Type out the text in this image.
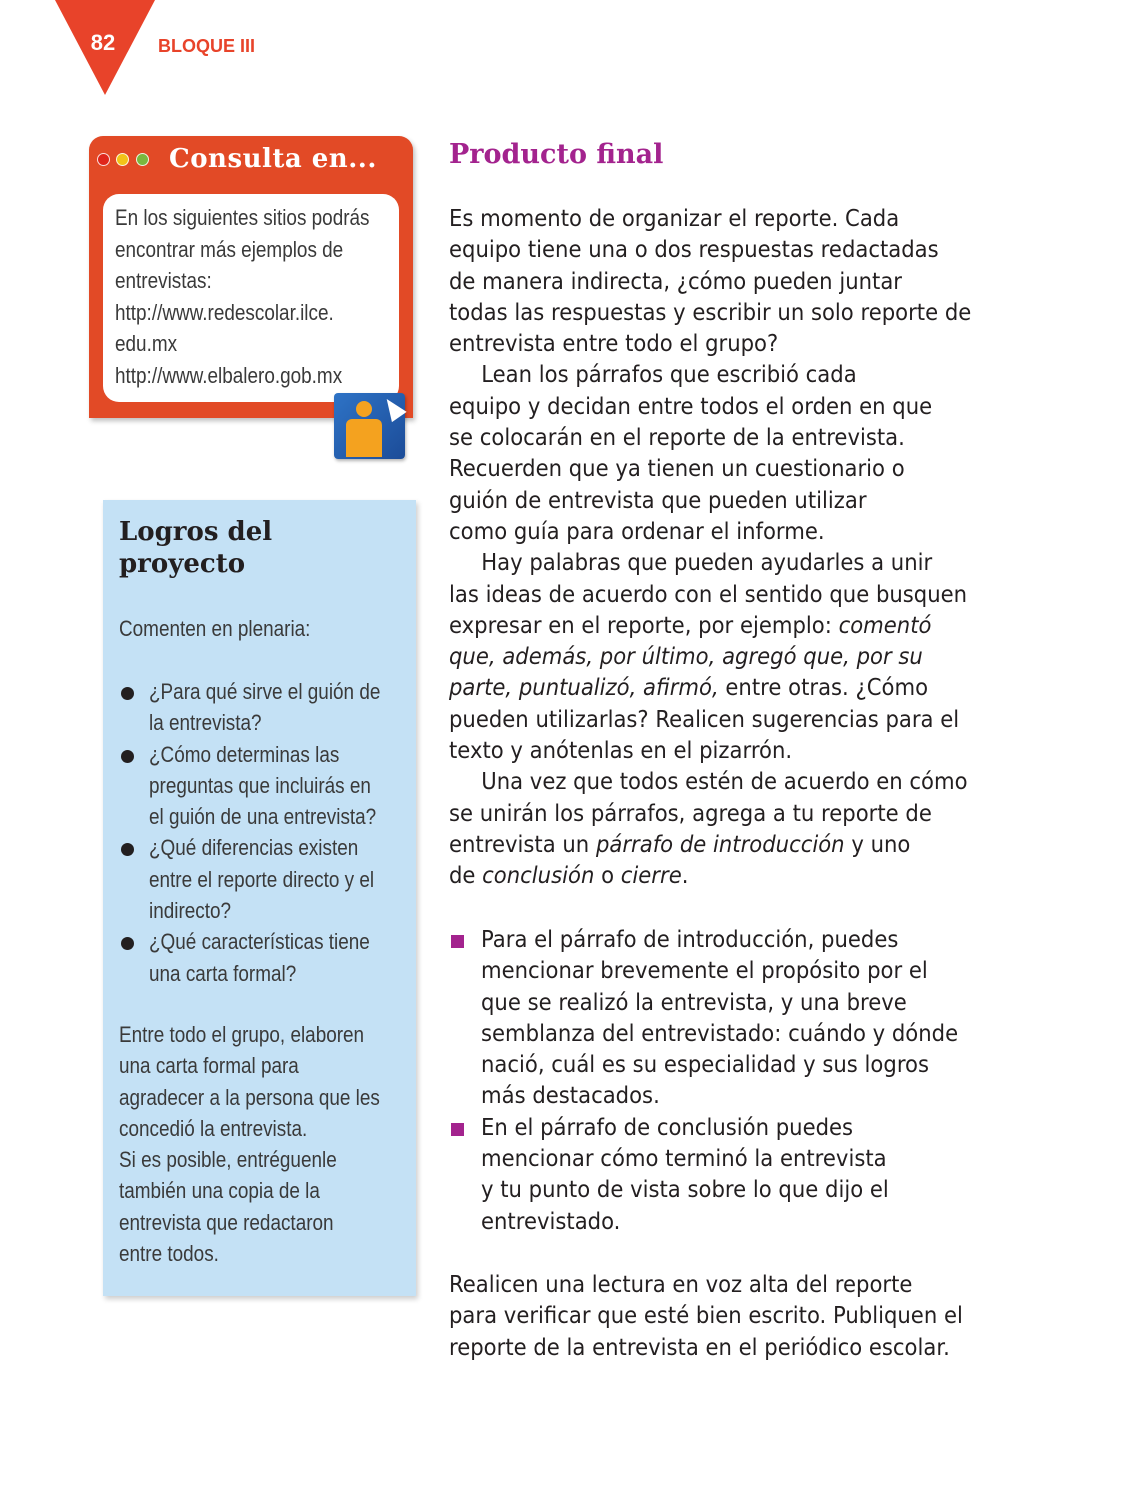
82	BLOQUE III

Consulta en...
En los siguientes sitios podrás
encontrar más ejemplos de
entrevistas:
http://www.redescolar.ilce.
edu.mx
http://www.elbalero.gob.mx
Logros del
proyecto
Comenten en plenaria:
¿Para qué sirve el guión de
la entrevista?
¿Cómo determinas las
preguntas que incluirás en
el guión de una entrevista?
¿Qué diferencias existen
entre el reporte directo y el
indirecto?
¿Qué características tiene
una carta formal?
Entre todo el grupo, elaboren
una carta formal para
agradecer a la persona que les
concedió la entrevista.
Si es posible, entréguenle
también una copia de la
entrevista que redactaron
entre todos.
Producto final
Es momento de organizar el reporte. Cada
equipo tiene una o dos respuestas redactadas
de manera indirecta, ¿cómo pueden juntar
todas las respuestas y escribir un solo reporte de
entrevista entre todo el grupo?
Lean los párrafos que escribió cada
equipo y decidan entre todos el orden en que
se colocarán en el reporte de la entrevista.
Recuerden que ya tienen un cuestionario o
guión de entrevista que pueden utilizar
como guía para ordenar el informe.
Hay palabras que pueden ayudarles a unir
las ideas de acuerdo con el sentido que busquen
expresar en el reporte, por ejemplo: comentó
que, además, por último, agregó que, por su
parte, puntualizó, afirmó, entre otras. ¿Cómo
pueden utilizarlas? Realicen sugerencias para el
texto y anótenlas en el pizarrón.
Una vez que todos estén de acuerdo en cómo
se unirán los párrafos, agrega a tu reporte de
entrevista un párrafo de introducción y uno
de conclusión o cierre.
Para el párrafo de introducción, puedes
mencionar brevemente el propósito por el
que se realizó la entrevista, y una breve
semblanza del entrevistado: cuándo y dónde
nació, cuál es su especialidad y sus logros
más destacados.
En el párrafo de conclusión puedes
mencionar cómo terminó la entrevista
y tu punto de vista sobre lo que dijo el
entrevistado.
Realicen una lectura en voz alta del reporte
para verificar que esté bien escrito. Publiquen el
reporte de la entrevista en el periódico escolar.
